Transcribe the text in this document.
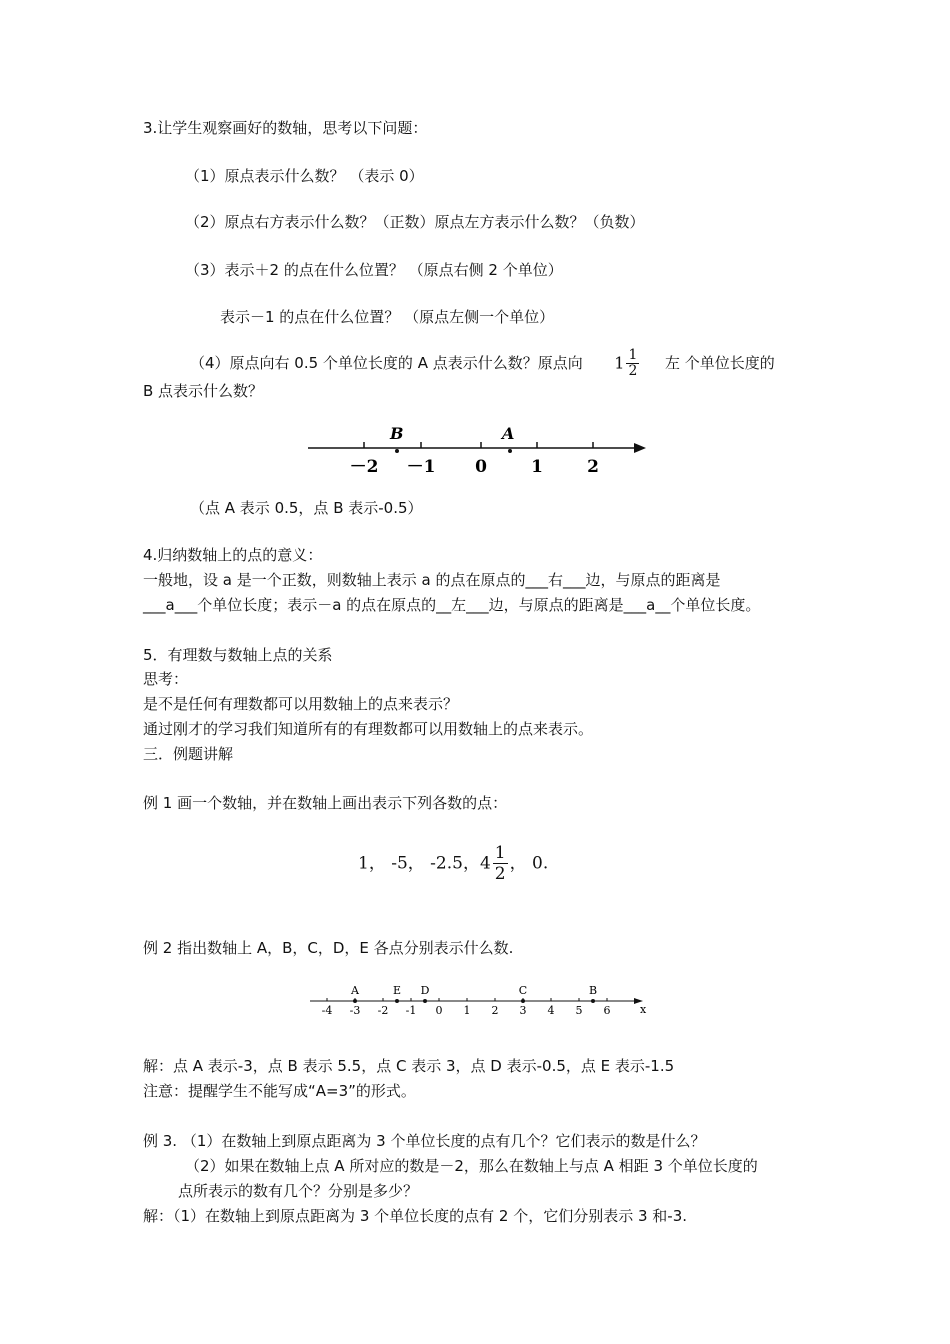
3.让学生观察画好的数轴，思考以下问题：
（1）原点表示什么数？ （表示 0）
（2）原点右方表示什么数？（正数）原点左方表示什么数？（负数）
（3）表示＋2 的点在什么位置？ （原点右侧 2 个单位）
表示－1 的点在什么位置？ （原点左侧一个单位）
（4）原点向右 0.5 个单位长度的 A 点表示什么数？原点向 $1 \frac{1}{2}$ 左 个单位长度的
B 点表示什么数？
B	A
－2 －1 0	1	2
（点 A 表示 0.5，点 B 表示-0.5）
4.归纳数轴上的点的意义：
一般地，设 a 是一个正数，则数轴上表示 a 的点在原点的___右___边，与原点的距离是
___a___个单位长度；表示－a 的点在原点的__左___边，与原点的距离是___a__个单位长度。
5．有理数与数轴上点的关系
思考：
是不是任何有理数都可以用数轴上的点来表示？
通过刚才的学习我们知道所有的有理数都可以用数轴上的点来表示。
三．例题讲解
例 1 画一个数轴，并在数轴上画出表示下列各数的点：
1， -5， -2.5，$4 \frac{1}{2}$ ， 0.
例 2 指出数轴上 A，B，C，D，E 各点分别表示什么数.
-4 -3 -2 -1 0 1 2 3 4 5 6
A	E D	C	B
x
解：点 A 表示-3，点 B 表示 5.5，点 C 表示 3，点 D 表示-0.5，点 E 表示-1.5
注意：提醒学生不能写成“A=3”的形式。
例 3. （1）在数轴上到原点距离为 3 个单位长度的点有几个？它们表示的数是什么？
（2）如果在数轴上点 A 所对应的数是－2，那么在数轴上与点 A 相距 3 个单位长度的
点所表示的数有几个？分别是多少？
解：（1）在数轴上到原点距离为 3 个单位长度的点有 2 个，它们分别表示 3 和-3.
